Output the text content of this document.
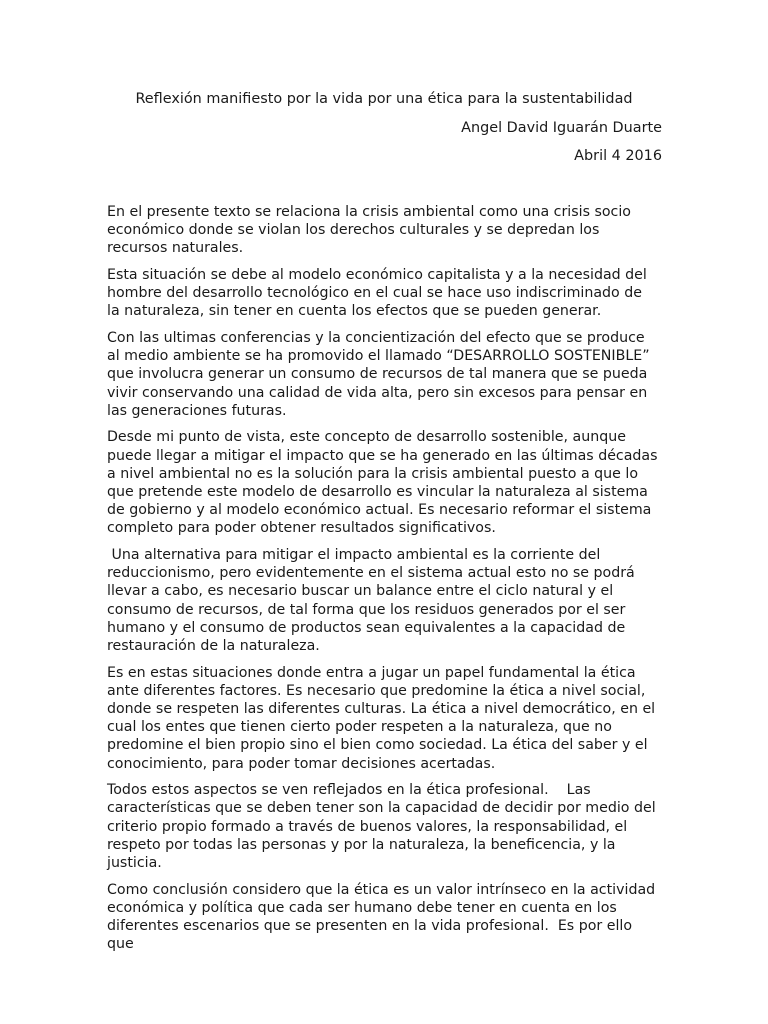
Reflexión manifiesto por la vida por una ética para la sustentabilidad

Angel David Iguarán Duarte

Abril 4 2016

En el presente texto se relaciona la crisis ambiental como una crisis socio económico donde se violan los derechos culturales y se depredan los recursos naturales.

Esta situación se debe al modelo económico capitalista y a la necesidad del hombre del desarrollo tecnológico en el cual se hace uso indiscriminado de la naturaleza, sin tener en cuenta los efectos que se pueden generar.

Con las ultimas conferencias y la concientización del efecto que se produce al medio ambiente se ha promovido el llamado “DESARROLLO SOSTENIBLE” que involucra generar un consumo de recursos de tal manera que se pueda vivir conservando una calidad de vida alta, pero sin excesos para pensar en las generaciones futuras.

Desde mi punto de vista, este concepto de desarrollo sostenible, aunque puede llegar a mitigar el impacto que se ha generado en las últimas décadas a nivel ambiental no es la solución para la crisis ambiental puesto a que lo que pretende este modelo de desarrollo es vincular la naturaleza al sistema de gobierno y al modelo económico actual. Es necesario reformar el sistema completo para poder obtener resultados significativos.

Una alternativa para mitigar el impacto ambiental es la corriente del reduccionismo, pero evidentemente en el sistema actual esto no se podrá llevar a cabo, es necesario buscar un balance entre el ciclo natural y el consumo de recursos, de tal forma que los residuos generados por el ser humano y el consumo de productos sean equivalentes a la capacidad de restauración de la naturaleza.

Es en estas situaciones donde entra a jugar un papel fundamental la ética ante diferentes factores. Es necesario que predomine la ética a nivel social, donde se respeten las diferentes culturas. La ética a nivel democrático, en el cual los entes que tienen cierto poder respeten a la naturaleza, que no predomine el bien propio sino el bien como sociedad. La ética del saber y el conocimiento, para poder tomar decisiones acertadas.

Todos estos aspectos se ven reflejados en la ética profesional.    Las características que se deben tener son la capacidad de decidir por medio del criterio propio formado a través de buenos valores, la responsabilidad, el respeto por todas las personas y por la naturaleza, la beneficencia, y la justicia.

Como conclusión considero que la ética es un valor intrínseco en la actividad económica y política que cada ser humano debe tener en cuenta en los diferentes escenarios que se presenten en la vida profesional.  Es por ello que
